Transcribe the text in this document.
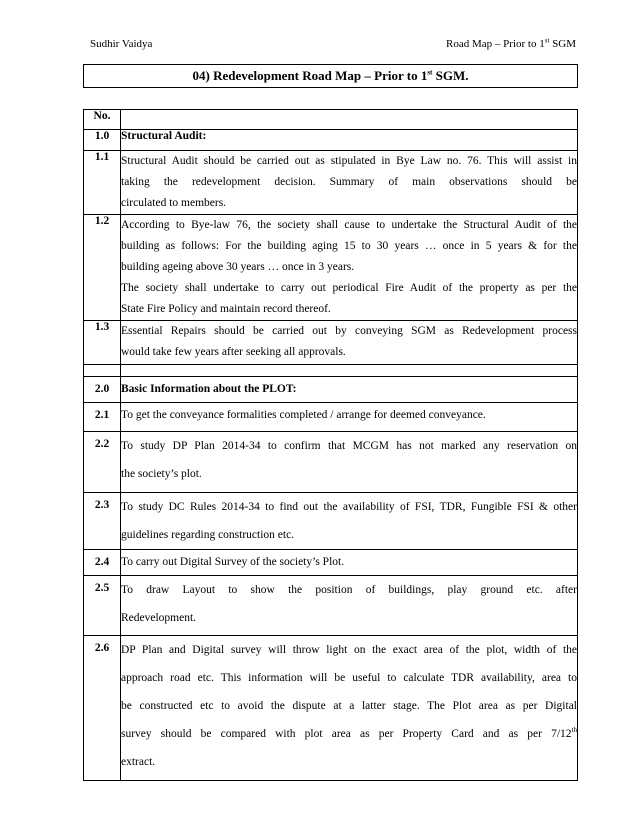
Sudhir Vaidya	Road Map – Prior to 1st SGM
04) Redevelopment Road Map – Prior to 1st SGM.
No.	
1.0	Structural Audit:

1.1	Structural Audit should be carried out as stipulated in Bye Law no. 76. This will assist in
taking the redevelopment decision. Summary of main observations should be
circulated to members.

1.2	According to Bye-law 76, the society shall cause to undertake the Structural Audit of the
building as follows: For the building aging 15 to 30 years … once in 5 years & for the
building ageing above 30 years … once in 3 years.
The society shall undertake to carry out periodical Fire Audit of the property as per the
State Fire Policy and maintain record thereof.

1.3	Essential Repairs should be carried out by conveying SGM as Redevelopment process
would take few years after seeking all approvals.

2.0	Basic Information about the PLOT:

2.1	To get the conveyance formalities completed / arrange for deemed conveyance.

2.2	To study DP Plan 2014-34 to confirm that MCGM has not marked any reservation on
the society’s plot.

2.3	To study DC Rules 2014-34 to find out the availability of FSI, TDR, Fungible FSI & other
guidelines regarding construction etc.

2.4	To carry out Digital Survey of the society’s Plot.

2.5	To draw Layout to show the position of buildings, play ground etc. after
Redevelopment.

2.6	DP Plan and Digital survey will throw light on the exact area of the plot, width of the
approach road etc. This information will be useful to calculate TDR availability, area to
be constructed etc to avoid the dispute at a latter stage. The Plot area as per Digital
survey should be compared with plot area as per Property Card and as per 7/12th
extract.
